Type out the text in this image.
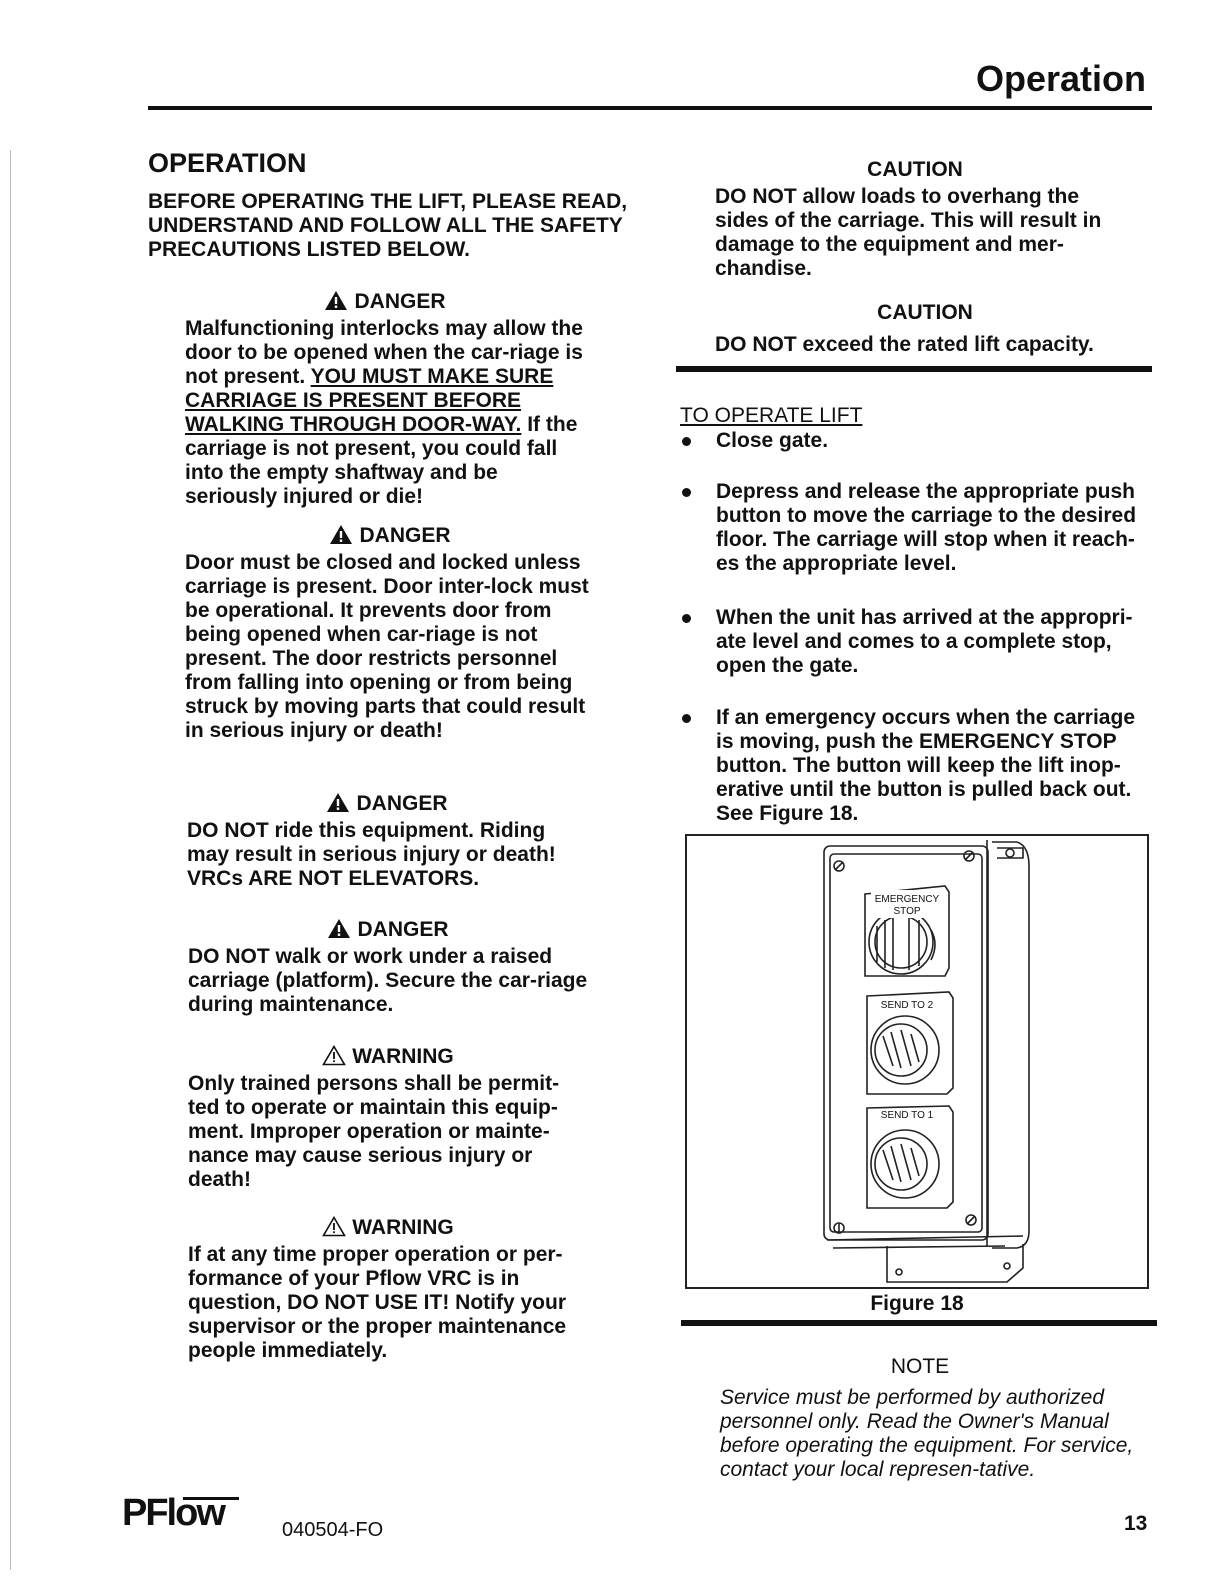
Operation
OPERATION
BEFORE OPERATING THE LIFT, PLEASE READ, UNDERSTAND AND FOLLOW ALL THE SAFETY PRECAUTIONS LISTED BELOW.
DANGER

Malfunctioning interlocks may allow the door to be opened when the car-riage is not present. YOU MUST MAKE SURE CARRIAGE IS PRESENT BEFORE WALKING THROUGH DOOR-WAY. If the carriage is not present, you could fall into the empty shaftway and be seriously injured or die!

DANGER

Door must be closed and locked unless carriage is present. Door inter-lock must be operational. It prevents door from being opened when car-riage is not present. The door restricts personnel from falling into opening or from being struck by moving parts that could result in serious injury or death!

DANGER

DO NOT ride this equipment. Riding may result in serious injury or death! VRCs ARE NOT ELEVATORS.

DANGER

DO NOT walk or work under a raised carriage (platform). Secure the car-riage during maintenance.

WARNING

Only trained persons shall be permit-ted to operate or maintain this equip-ment. Improper operation or mainte-nance may cause serious injury or death!

WARNING

If at any time proper operation or per-formance of your Pflow VRC is in question, DO NOT USE IT! Notify your supervisor or the proper maintenance people immediately.

CAUTION

DO NOT allow loads to overhang the sides of the carriage. This will result in damage to the equipment and mer-chandise.

CAUTION

DO NOT exceed the rated lift capacity.

TO OPERATE LIFT
Close gate.
Depress and release the appropriate push button to move the carriage to the desired floor. The carriage will stop when it reach-es the appropriate level.
When the unit has arrived at the appropri-ate level and comes to a complete stop, open the gate.
If an emergency occurs when the carriage is moving, push the EMERGENCY STOP button. The button will keep the lift inop-erative until the button is pulled back out. See Figure 18.
EMERGENCY
STOP
SEND TO 2
SEND TO 1
Figure 18
NOTE
Service must be performed by authorized personnel only. Read the Owner's Manual before operating the equipment. For service, contact your local represen-tative.
PFlow	040504-FO	13
